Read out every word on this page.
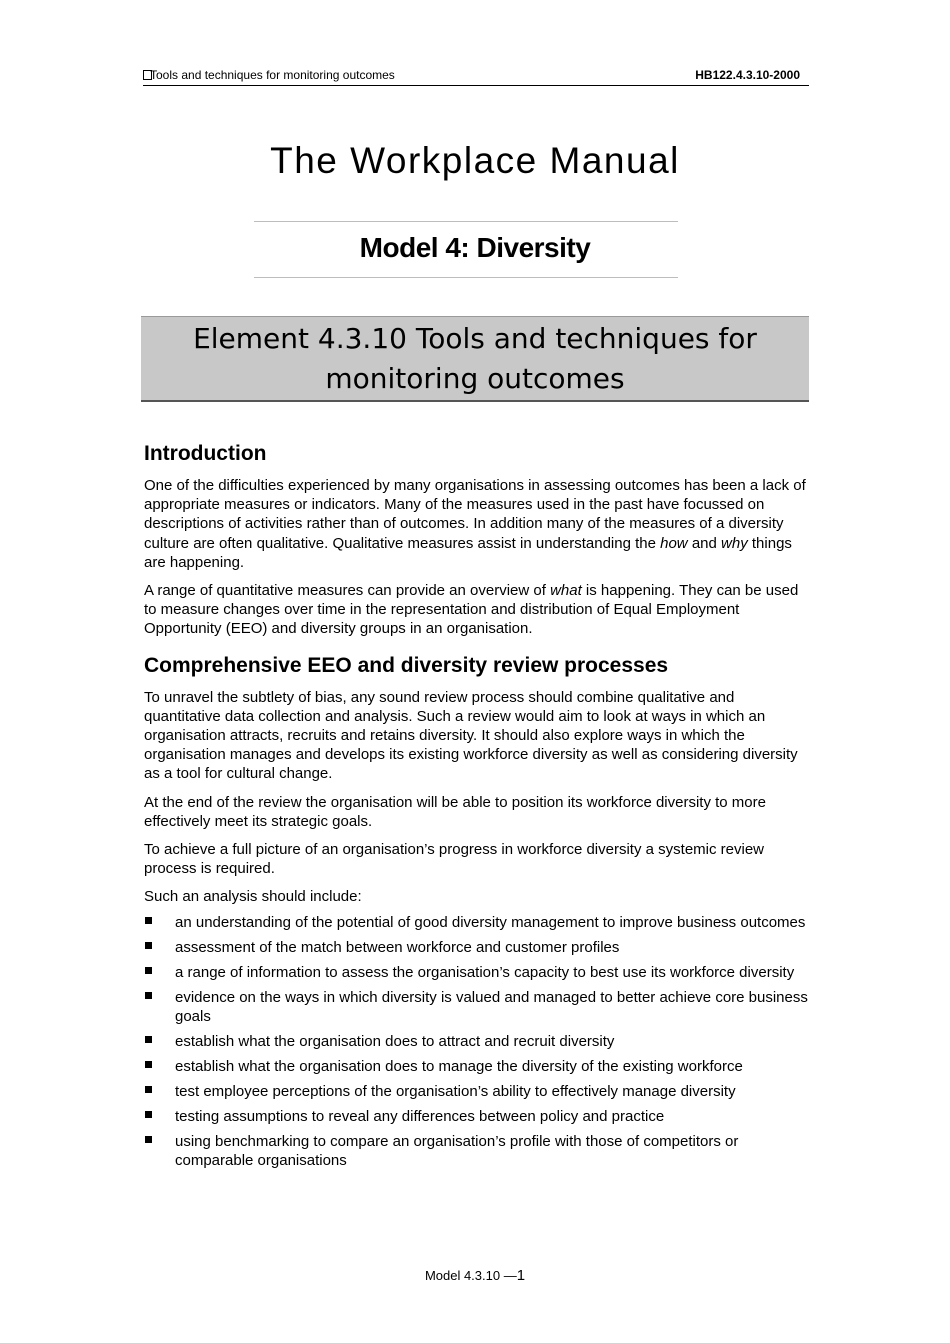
Tools and techniques for monitoring outcomes	HB122.4.3.10-2000
The Workplace Manual
Model 4: Diversity
Element 4.3.10 Tools and techniques for
monitoring outcomes
Introduction

One of the difficulties experienced by many organisations in assessing outcomes has been a lack of appropriate measures or indicators. Many of the measures used in the past have focussed on descriptions of activities rather than of outcomes. In addition many of the measures of a diversity culture are often qualitative. Qualitative measures assist in understanding the how and why things are happening.

A range of quantitative measures can provide an overview of what is happening. They can be used to measure changes over time in the representation and distribution of Equal Employment Opportunity (EEO) and diversity groups in an organisation.

Comprehensive EEO and diversity review processes

To unravel the subtlety of bias, any sound review process should combine qualitative and quantitative data collection and analysis. Such a review would aim to look at ways in which an organisation attracts, recruits and retains diversity. It should also explore ways in which the organisation manages and develops its existing workforce diversity as well as considering diversity as a tool for cultural change.

At the end of the review the organisation will be able to position its workforce diversity to more effectively meet its strategic goals.

To achieve a full picture of an organisation’s progress in workforce diversity a systemic review process is required.

Such an analysis should include:

an understanding of the potential of good diversity management to improve business outcomes
assessment of the match between workforce and customer profiles
a range of information to assess the organisation’s capacity to best use its workforce diversity
evidence on the ways in which diversity is valued and managed to better achieve core business goals
establish what the organisation does to attract and recruit diversity
establish what the organisation does to manage the diversity of the existing workforce
test employee perceptions of the organisation’s ability to effectively manage diversity
testing assumptions to reveal any differences between policy and practice
using benchmarking to compare an organisation’s profile with those of competitors or comparable organisations
Model 4.3.10 —1
